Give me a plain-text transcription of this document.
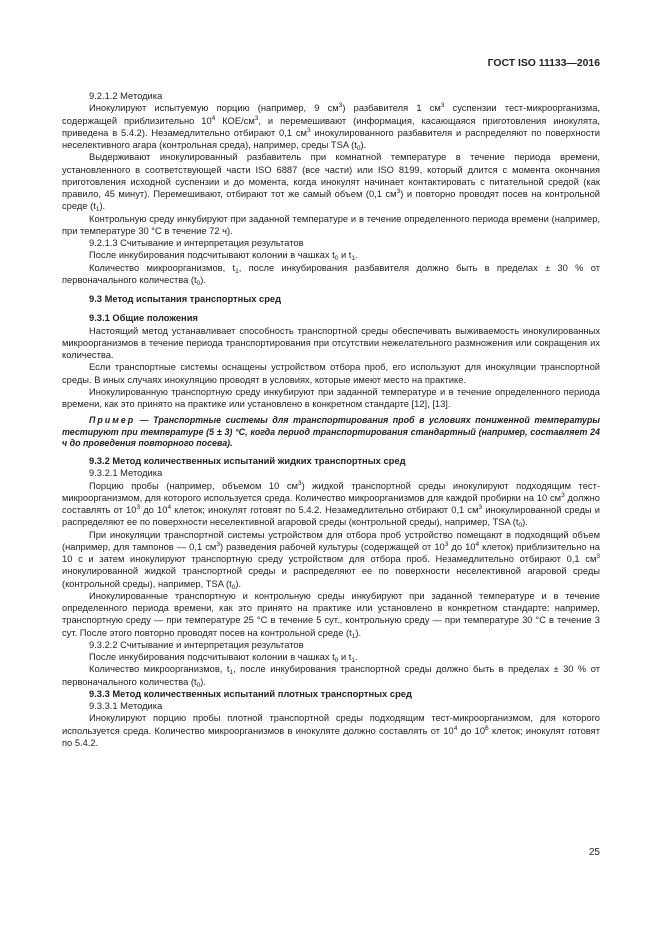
ГОСТ ISO 11133—2016

9.2.1.2 Методика

Инокулируют испытуемую порцию (например, 9 $см^3$) разбавителя 1 $см^3$ суспензии тест-микроорганизма, содержащей приблизительно $10^4$ КОЕ/$см^3$, и перемешивают (информация, касающаяся приготовления инокулята, приведена в 5.4.2). Незамедлительно отбирают 0,1 $см^3$ инокулированного разбавителя и распределяют по поверхности неселективного агара (контрольная среда), например, среды TSA $(t_0)$.

Выдерживают инокулированный разбавитель при комнатной температуре в течение периода времени, установленного в соответствующей части ISO 6887 (все части) или ISO 8199, который длится с момента окончания приготовления исходной суспензии и до момента, когда инокулят начинает контактировать с питательной средой (как правило, 45 минут). Перемешивают, отбирают тот же самый объем (0,1 $см^3$) и повторно проводят посев на контрольной среде $(t_1)$.

Контрольную среду инкубируют при заданной температуре и в течение определенного периода времени (например, при температуре 30 °C в течение 72 ч).

9.2.1.3 Считывание и интерпретация результатов

После инкубирования подсчитывают колонии в чашках $t_0$ и $t_1$.

Количество микроорганизмов, $t_1$, после инкубирования разбавителя должно быть в пределах ± 30 % от первоначального количества $(t_0)$.

9.3 Метод испытания транспортных сред

9.3.1 Общие положения

Настоящий метод устанавливает способность транспортной среды обеспечивать выживаемость инокулированных микроорганизмов в течение периода транспортирования при отсутствии нежелательного размножения или сокращения их количества.

Если транспортные системы оснащены устройством отбора проб, его используют для инокуляции транспортной среды. В иных случаях инокуляцию проводят в условиях, которые имеют место на практике.

Инокулированную транспортную среду инкубируют при заданной температуре и в течение определенного периода времени, как это принято на практике или установлено в конкретном стандарте [12], [13].

Пример — Транспортные системы для транспортирования проб в условиях пониженной температуры тестируют при температуре (5 ± 3) °C, когда период транспортирования стандартный (например, составляет 24 ч до проведения повторного посева).

9.3.2 Метод количественных испытаний жидких транспортных сред

9.3.2.1 Методика

Порцию пробы (например, объемом 10 $см^3$) жидкой транспортной среды инокулируют подходящим тест-микроорганизмом, для которого используется среда. Количество микроорганизмов для каждой пробирки на 10 $см^3$ должно составлять от $10^3$ до $10^4$ клеток; инокулят готовят по 5.4.2. Незамедлительно отбирают 0,1 $см^3$ инокулированной среды и распределяют ее по поверхности неселективной агаровой среды (контрольной среды), например, TSA $(t_0)$.

При инокуляции транспортной системы устройством для отбора проб устройство помещают в подходящий объем (например, для тампонов — 0,1 $см^3$) разведения рабочей культуры (содержащей от $10^3$ до $10^4$ клеток) приблизительно на 10 с и затем инокулируют транспортную среду устройством для отбора проб. Незамедлительно отбирают 0,1 $см^3$ инокулированной жидкой транспортной среды и распределяют ее по поверхности неселективной агаровой среды (контрольной среды), например, TSA $(t_0)$.

Инокулированные транспортную и контрольную среды инкубируют при заданной температуре и в течение определенного периода времени, как это принято на практике или установлено в конкретном стандарте: например, транспортную среду — при температуре 25 °C в течение 5 сут., контрольную среду — при температуре 30 °C в течение 3 сут. После этого повторно проводят посев на контрольной среде $(t_1)$.

9.3.2.2 Считывание и интерпретация результатов

После инкубирования подсчитывают колонии в чашках $t_0$ и $t_1$.

Количество микроорганизмов, $t_1$, после инкубирования транспортной среды должно быть в пределах ± 30 % от первоначального количества $(t_0)$.

9.3.3 Метод количественных испытаний плотных транспортных сред

9.3.3.1 Методика

Инокулируют порцию пробы плотной транспортной среды подходящим тест-микроорганизмом, для которого используется среда. Количество микроорганизмов в инокуляте должно составлять от $10^4$ до $10^6$ клеток; инокулят готовят по 5.4.2.

25
